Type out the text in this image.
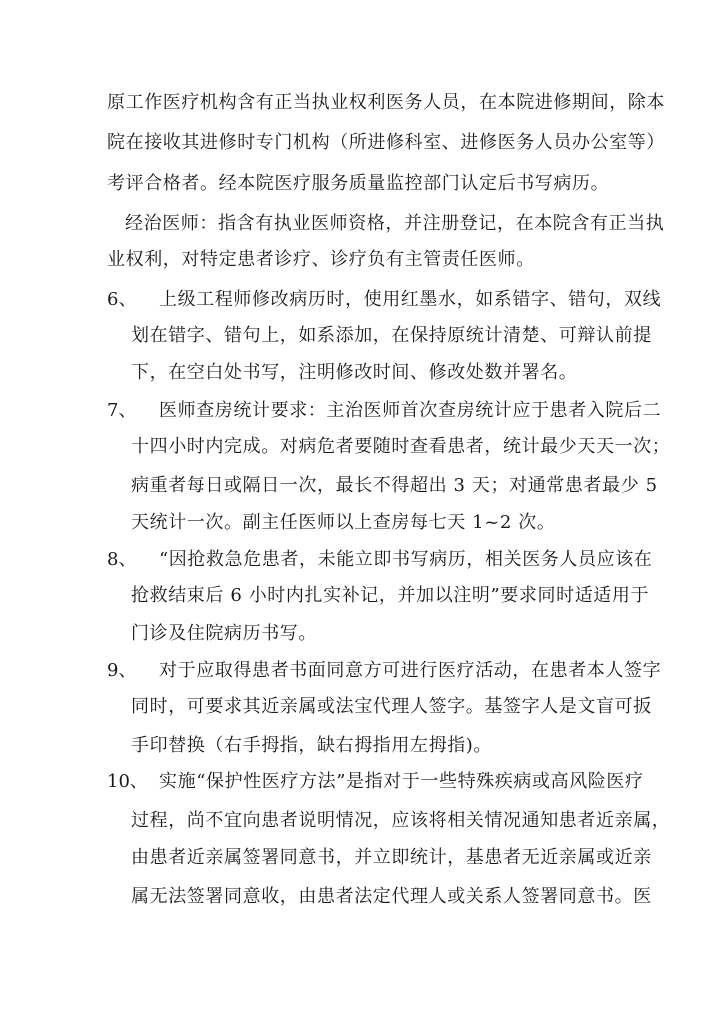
原工作医疗机构含有正当执业权利医务人员，在本院进修期间，除本
院在接收其进修时专门机构（所进修科室、进修医务人员办公室等）
考评合格者。经本院医疗服务质量监控部门认定后书写病历。
经治医师：指含有执业医师资格，并注册登记，在本院含有正当执
业权利，对特定患者诊疗、诊疗负有主管责任医师。
6、 上级工程师修改病历时，使用红墨水，如系错字、错句，双线
划在错字、错句上，如系添加，在保持原统计清楚、可辩认前提
下，在空白处书写，注明修改时间、修改处数并署名。
7、 医师查房统计要求：主治医师首次查房统计应于患者入院后二
十四小时内完成。对病危者要随时查看患者，统计最少天天一次；
病重者每日或隔日一次，最长不得超出 3 天；对通常患者最少 5
天统计一次。副主任医师以上查房每七天 1~2 次。
8、 “因抢救急危患者，未能立即书写病历，相关医务人员应该在
抢救结束后 6 小时内扎实补记，并加以注明”要求同时适适用于
门诊及住院病历书写。
9、 对于应取得患者书面同意方可进行医疗活动，在患者本人签字
同时，可要求其近亲属或法宝代理人签字。基签字人是文盲可扳
手印替换（右手拇指，缺右拇指用左拇指)。
10、 实施“保护性医疗方法”是指对于一些特殊疾病或高风险医疗
过程，尚不宜向患者说明情况，应该将相关情况通知患者近亲属，
由患者近亲属签署同意书，并立即统计，基患者无近亲属或近亲
属无法签署同意收，由患者法定代理人或关系人签署同意书。医
